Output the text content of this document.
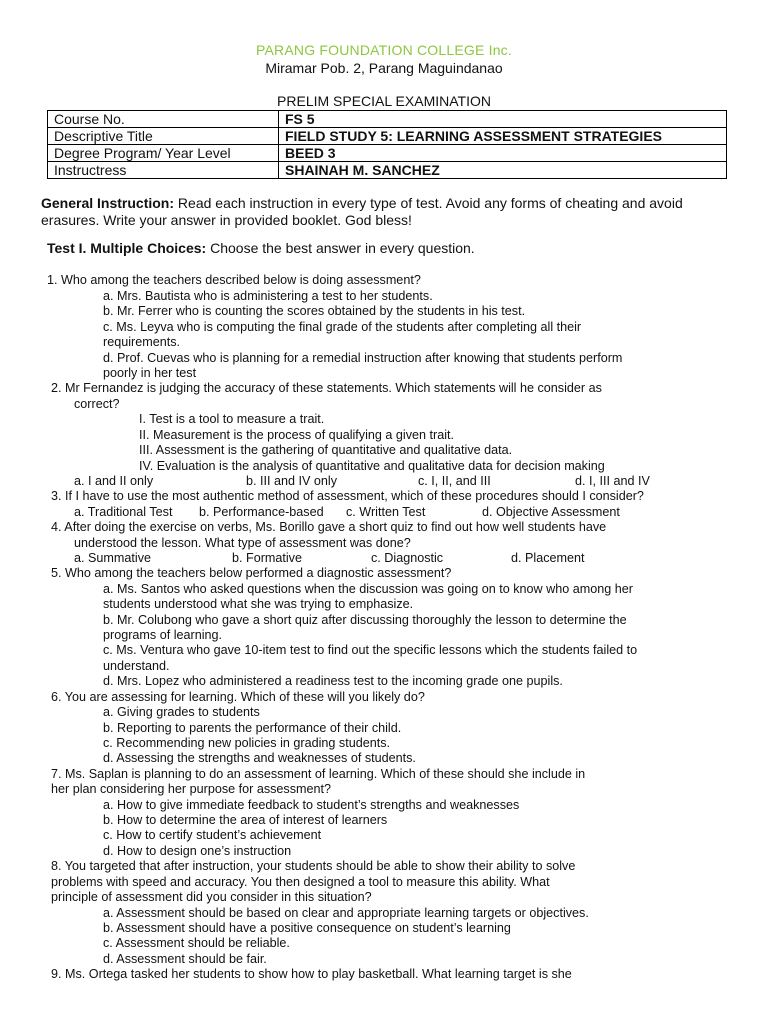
PARANG FOUNDATION COLLEGE Inc.
Miramar Pob. 2, Parang Maguindanao
PRELIM SPECIAL EXAMINATION
Course No.	FS 5
Descriptive Title	FIELD STUDY 5: LEARNING ASSESSMENT STRATEGIES
Degree Program/ Year Level	BEED 3
Instructress	SHAINAH M. SANCHEZ
General Instruction: Read each instruction in every type of test. Avoid any forms of cheating and avoid erasures. Write your answer in provided booklet. God bless!
Test I. Multiple Choices: Choose the best answer in every question.
1. Who among the teachers described below is doing assessment?
a. Mrs. Bautista who is administering a test to her students.
b. Mr. Ferrer who is counting the scores obtained by the students in his test.
c. Ms. Leyva who is computing the final grade of the students after completing all their
requirements.
d. Prof. Cuevas who is planning for a remedial instruction after knowing that students perform
poorly in her test
2. Mr Fernandez is judging the accuracy of these statements. Which statements will he consider as
correct?
I. Test is a tool to measure a trait.
II. Measurement is the process of qualifying a given trait.
III. Assessment is the gathering of quantitative and qualitative data.
IV. Evaluation is the analysis of quantitative and qualitative data for decision making
a. I and II only	b. III and IV only	c. I, II, and III	d. I, III and IV
3. If I have to use the most authentic method of assessment, which of these procedures should I consider?
a. Traditional Test b. Performance-based c. Written Test	d. Objective Assessment
4. After doing the exercise on verbs, Ms. Borillo gave a short quiz to find out how well students have
understood the lesson. What type of assessment was done?
a. Summative	b. Formative	c. Diagnostic	d. Placement
5. Who among the teachers below performed a diagnostic assessment?
a. Ms. Santos who asked questions when the discussion was going on to know who among her
students understood what she was trying to emphasize.
b. Mr. Colubong who gave a short quiz after discussing thoroughly the lesson to determine the
programs of learning.
c. Ms. Ventura who gave 10-item test to find out the specific lessons which the students failed to
understand.
d. Mrs. Lopez who administered a readiness test to the incoming grade one pupils.
6. You are assessing for learning. Which of these will you likely do?
a. Giving grades to students
b. Reporting to parents the performance of their child.
c. Recommending new policies in grading students.
d. Assessing the strengths and weaknesses of students.
7. Ms. Saplan is planning to do an assessment of learning. Which of these should she include in
her plan considering her purpose for assessment?
a. How to give immediate feedback to student’s strengths and weaknesses
b. How to determine the area of interest of learners
c. How to certify student’s achievement
d. How to design one’s instruction
8. You targeted that after instruction, your students should be able to show their ability to solve
problems with speed and accuracy. You then designed a tool to measure this ability. What
principle of assessment did you consider in this situation?
a. Assessment should be based on clear and appropriate learning targets or objectives.
b. Assessment should have a positive consequence on student’s learning
c. Assessment should be reliable.
d. Assessment should be fair.
9. Ms. Ortega tasked her students to show how to play basketball. What learning target is she
